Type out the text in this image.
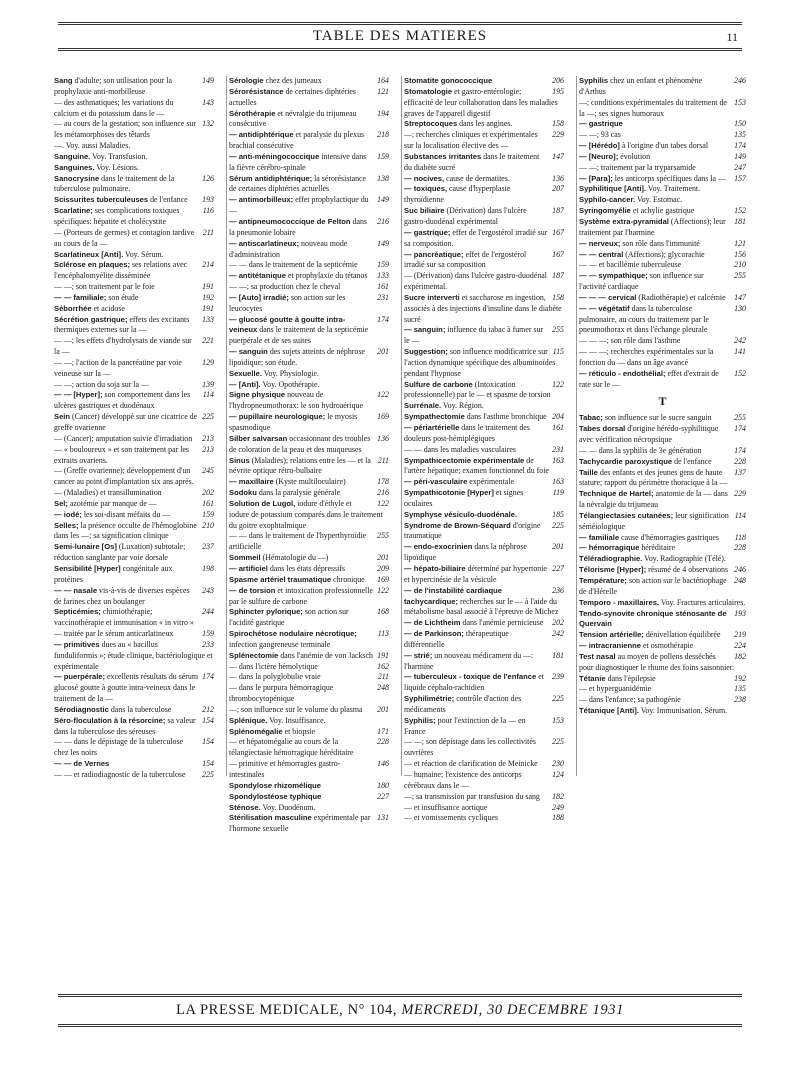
TABLE DES MATIERES	11
149
Sang d'adulte; son utilisation pour la prophylaxie anti-morbilleuse
143
— des asthmatiques; les variations du calcium et du potassium dans le —
132
— au cours de la gestation; son influence sur les métamorphoses des têtards
—. Voy. aussi Maladies.
Sanguine. Voy. Transfusion.
Sanguines. Voy. Lésions.
126
Sanocrysine dans le traitement de la tuberculose pulmonaire.
193
Scissurites tuberculeuses de l'enfance
116
Scarlatine; ses complications toxiques spécifiques: hépatite et cholécystite
211
— (Porteurs de germes) et contagion tardive au cours de la —
Scarlatineux [Anti]. Voy. Sérum.
214
Sclérose en plaques; ses relations avec l'encéphalomyélite disséminée
191
— —; son traitement par le foie
192
— — familiale; son étude
191
Séborrhée et acidose
133
Sécrétion gastrique; effets des excitants thermiques externes sur la —
221
— —; les effets d'hydrolysats de viande sur la —
129
— —; l'action de la pancréatine par voie veineuse sur la —
139
— —; action du soja sur la —
114
— — [Hyper]; son comportement dans les ulcères gastriques et duodénaux
225
Sein (Cancer) développé sur une cicatrice de greffe ovarienne
213
— (Cancer); amputation suivie d'irradiation
213
— « bouloureux » et son traitement par les extraits ovariens.
245
— (Greffe ovarienne); développement d'un cancer au point d'implantation six ans après.
202
— (Maladies) et transillumination
161
Sel; azotémie par manque de —
159
— iodé; les soi-disant méfaits du —
210
Selles; la présence occulte de l'hémoglobine dans les —; sa signification clinique
237
Semi-lunaire [Os] (Luxation) subtotale; réduction sanglante par voie dorsale
198
Sensibilité [Hyper] congénitale aux protéines
243
— — nasale vis-à-vis de diverses espèces de farines chez un boulanger
244
Septicémies; chimiothérapie; vaccinothérapie et immunisation « in vitro »
159
— traitée par le sérum anticarlatineux
233
— primitives dues au « bacillus funduliformis »; étude clinique, bactériologique et expérimentale
174
— puerpérale; excellents résultats du sérum glucosé goutte à goutte intra-veineux dans le traitement de la —
212
Sérodiagnostic dans la tuberculose
154
Séro-floculation à la résorcine; sa valeur dans la tuberculose des séreuses
154
— — dans le dépistage de la tuberculose chez les noirs
154
— — de Vernes
225
— — et radiodiagnostic de la tuberculose
164
Sérologie chez des jumeaux
121
Sérorésistance de certaines diphtéries actuelles
194
Sérothérapie et névralgie du trijumeau consécutive
218
— antidiphtérique et paralysie du plexus brachial consécutive
159
— anti-méningococcique intensive dans la fièvre cérébro-spinale
138
Sérum antidiphtérique; la sérorésistance de certaines diphtéries actuelles
149
— antimorbilleux; effet prophylactique du —
216
— antipneumococcique de Felton dans la pneumonie lobaire
149
— antiscarlatineux; nouveau mode d'administration
159
— — dans le traitement de la septicémie
133
— antitétanique et prophylaxie du tétanos
161
— —; sa production chez le cheval
231
— [Auto] irradié; son action sur les leucocytes
174
— glucosé goutte à goutte intra-veineux dans le traitement de la septicémie puerpérale et de ses suites
201
— sanguin des sujets atteints de néphrose lipoïdique; son étude.
Sexuelle. Voy. Physiologie.
— [Anti]. Voy. Opothérapie.
122
Signe physique nouveau de l'hydropneumothorax: le son hydroaérique
169
— pupillaire neurologique; le myosis spasmodique
136
Silber salvarsan occasionnant des troubles de coloration de la peau et des muqueuses
211
Sinus (Maladies); relations entre les — et la névrite optique rétro-bulbaire
178
— maxillaire (Kyste multiloculaire)
216
Sodoku dans la paralysie générale
122
Solution de Lugol, iodure d'éthyle et iodure de potassium comparés dans le traitement du goitre exophtalmique
255
— — dans le traitement de l'hyperthyroïdie artificielle
201
Sommeil (Hématologie du —)
209
— artificiel dans les états dépressifs
169
Spasme artériel traumatique chronique
122
— de torsion et intoxication professionnelle par le sulfure de carbone
168
Sphincter pylorique; son action sur l'acidité gastrique
113
Spirochétose nodulaire nécrotique; infection gangreneuse terminale
191
Splénectomie dans l'anémie de von Jacksch
162
— dans l'ictère hémolytique
211
— dans la polyglobulie vraie
248
— dans le purpura hémorragique thrombocytopénique
201
—; son influence sur le volume du plasma
Splénique. Voy. Insuffisance.
171
Splénomégalie et biopsie
228
— et hépatomégalie au cours de la télangiectasie hémorragique héréditaire
146
— primitive et hémorragies gastro-intestinales
180
Spondylose rhizomélique
227
Spondylostéose typhique
Sténose. Voy. Duodénum.
131
Stérilisation masculine expérimentale par l'hormone sexuelle
206
Stomatite gonococcique
195
Stomatologie et gastro-entérologie; efficacité de leur collaboration dans les maladies graves de l'appareil digestif
158
Streptocoques dans les angines.
229
—; recherches cliniques et expérimentales sur la localisation élective des —
147
Substances irritantes dans le traitement du diabète sucré
136
— nocives, cause de dermatites.
207
— toxiques, cause d'hyperplasie thyroïdienne
187
Suc biliaire (Dérivation) dans l'ulcère gastro-duodénal expérimental
167
— gastrique; effet de l'ergostérol irradié sur sa composition.
167
— pancréatique; effet de l'ergostérol irradié sur sa composition
187
— (Dérivation) dans l'ulcère gastro-duodénal expérimental.
158
Sucre interverti et saccharose en ingestion, associés à des injections d'insuline dans le diabète sucré
255
— sanguin; influence du tabac à fumer sur le —
115
Suggestion; son influence modificatrice sur l'action dynamique spécifique des albuminoïdes pendant l'hypnose
122
Sulfure de carbone (Intoxication professionnelle) par le — et spasme de torsion
Surrénale. Voy. Région.
204
Sympathectomie dans l'asthme bronchique
161
— périartérielle dans le traitement des douleurs post-hémiplégiques
231
— — dans les maladies vasculaires
163
Sympathicectomie expérimentale de l'artère hépatique; examen fonctionnel du foie
163
— péri-vasculaire expérimentale
119
Sympathicotonie [Hyper] et signes oculaires
185
Symphyse vésiculo-duodénale.
225
Syndrome de Brown-Séquard d'origine traumatique
201
— endo-exocrinien dans la néphrose lipoïdique
227
— hépato-biliaire déterminé par hypertonie et hypercinésie de la vésicule
236
— de l'instabilité cardiaque tachycardique; recherches sur le — à l'aide du métabolisme basal associé à l'épreuve de Michez
202
— de Lichtheim dans l'anémie pernicieuse
242
— de Parkinson; thérapeutique différentielle
181
— strié; un nouveau médicament du —: l'harmine
239
— tuberculeux - toxique de l'enfance et liquide céphalo-rachidien
225
Syphilimétrie; contrôle d'action des médicaments
153
Syphilis; pour l'extinction de la — en France
225
— —; son dépistage dans les collectivités ouvrières
230
— et réaction de clarification de Meinicke
124
— humaine; l'existence des anticorps cérébraux dans le —
182
—; sa transmission par transfusion du sang
249
— et insuffisance aortique
188
— et vomissements cycliques
246
Syphilis chez un enfant et phénomène d'Arthus
153
—; conditions expérimentales du traitement de la —; ses signes humoraux
150
— gastrique
135
— —; 93 cas
174
— [Hérédo] à l'origine d'un tabes dorsal
149
— [Neuro]; évolution
247
— —; traitement par la tryparsamide
157
— [Para]; les anticorps spécifiques dans la —
Syphilitique [Anti]. Voy. Traitement.
Syphilo-cancer. Voy. Estomac.
152
Syringomyélie et achylie gastrique
181
Système extra-pyramidal (Affections); leur traitement par l'harmine
121
— nerveux; son rôle dans l'immunité
156
— — central (Affections); glycorachie
210
— — et bacillémie tuberculeuse
255
— — sympathique; son influence sur l'activité cardiaque
147
— — — cervical (Radiothérapie) et calcémie
130
— — végétatif dans la tuberculose pulmonaire, au cours du traitement par le pneumothorax et dans l'échange pleurale
242
— — —; son rôle dans l'asthme
141
— — —; recherches expérimentales sur la fonction du — dans un âge avancé
152
— réticulo - endothélial; effet d'extrait de rate sur le —
T
255
Tabac; son influence sur le sucre sanguin
174
Tabes dorsal d'origine hérédo-syphilitique avec vérification nécropsique
174
— — dans la syphilis de 3e génération
228
Tachycardie paroxystique de l'enfance
137
Taille des enfants et des jeunes gens de haute stature; rapport du périmètre thoracique à la —
229
Technique de Hartel; anatomie de la — dans la névralgie du trijumeau
114
Télangiectasies cutanées; leur signification séméiologique
118
— familiale cause d'hémorragies gastriques
228
— hémorragique héréditaire
Téléradiographie. Voy. Radiographie (Télé).
246
Télorisme [Hyper]; résumé de 4 observations
248
Température; son action sur le bactériophage de d'Hérelle
Temporo - maxillaires. Voy. Fractures articulaires.
193
Tendo-synovite chronique sténosante de Quervain
219
Tension artérielle; dénivellation équilibrée
224
— intracranienne et osmothérapie
182
Test nasal au moyen de pollens desséchés pour diagnostiquer le rhume des foins saisonnier.
192
Tétanie dans l'épilepsie
135
— et hyperguanidémie
238
— dans l'enfance; sa pathogénie
Tétanique [Anti]. Voy. Immunisation, Sérum.
LA PRESSE MEDICALE, N° 104, MERCREDI, 30 DECEMBRE 1931
